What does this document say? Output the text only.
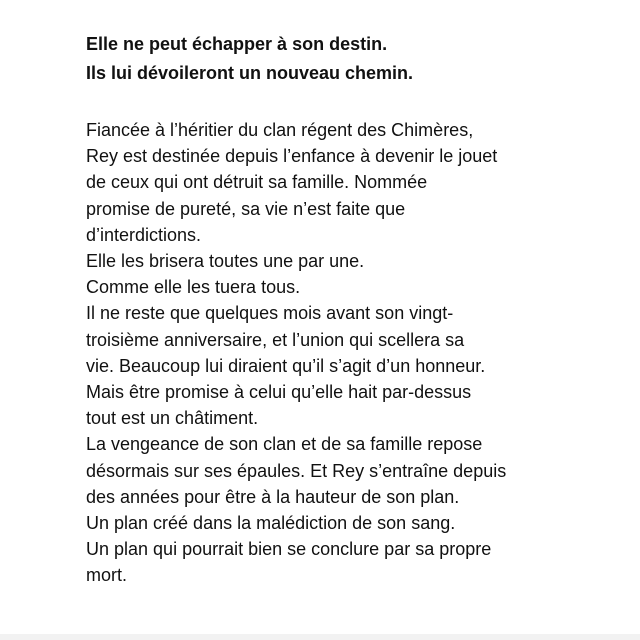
Elle ne peut échapper à son destin.
Ils lui dévoileront un nouveau chemin.

Fiancée à l’héritier du clan régent des Chimères,
Rey est destinée depuis l’enfance à devenir le jouet
de ceux qui ont détruit sa famille. Nommée
promise de pureté, sa vie n’est faite que
d’interdictions.
Elle les brisera toutes une par une.
Comme elle les tuera tous.
Il ne reste que quelques mois avant son vingt-
troisième anniversaire, et l’union qui scellera sa
vie. Beaucoup lui diraient qu’il s’agit d’un honneur.
Mais être promise à celui qu’elle hait par-dessus
tout est un châtiment.
La vengeance de son clan et de sa famille repose
désormais sur ses épaules. Et Rey s’entraîne depuis
des années pour être à la hauteur de son plan.
Un plan créé dans la malédiction de son sang.
Un plan qui pourrait bien se conclure par sa propre
mort.
